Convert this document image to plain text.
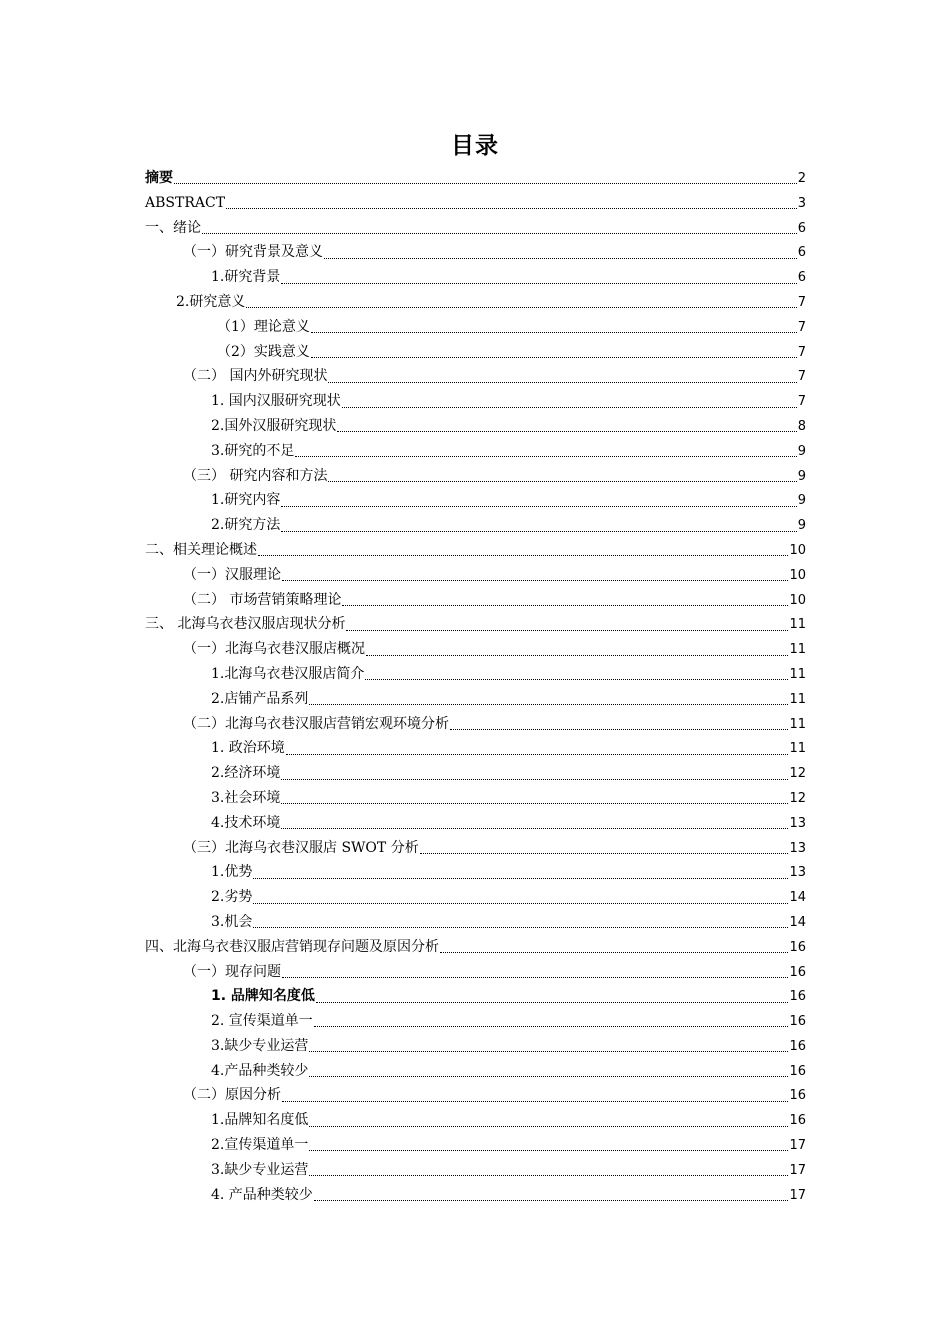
目录
摘要	2
ABSTRACT	3
一、绪论	6
（一）研究背景及意义	6
1.研究背景	6
2.研究意义	7
（1）理论意义	7
（2）实践意义	7
（二） 国内外研究现状	7
1. 国内汉服研究现状	7
2.国外汉服研究现状	8
3.研究的不足	9
（三） 研究内容和方法	9
1.研究内容	9
2.研究方法	9
二、相关理论概述	10
（一）汉服理论	10
（二） 市场营销策略理论	10
三、 北海乌衣巷汉服店现状分析	11
（一）北海乌衣巷汉服店概况	11
1.北海乌衣巷汉服店简介	11
2.店铺产品系列	11
（二）北海乌衣巷汉服店营销宏观环境分析	11
1. 政治环境	11
2.经济环境	12
3.社会环境	12
4.技术环境	13
（三）北海乌衣巷汉服店 SWOT 分析	13
1.优势	13
2.劣势	14
3.机会	14
四、北海乌衣巷汉服店营销现存问题及原因分析	16
（一）现存问题	16
1. 品牌知名度低	16
2. 宣传渠道单一	16
3.缺少专业运营	16
4.产品种类较少	16
（二）原因分析	16
1.品牌知名度低	16
2.宣传渠道单一	17
3.缺少专业运营	17
4. 产品种类较少	17
